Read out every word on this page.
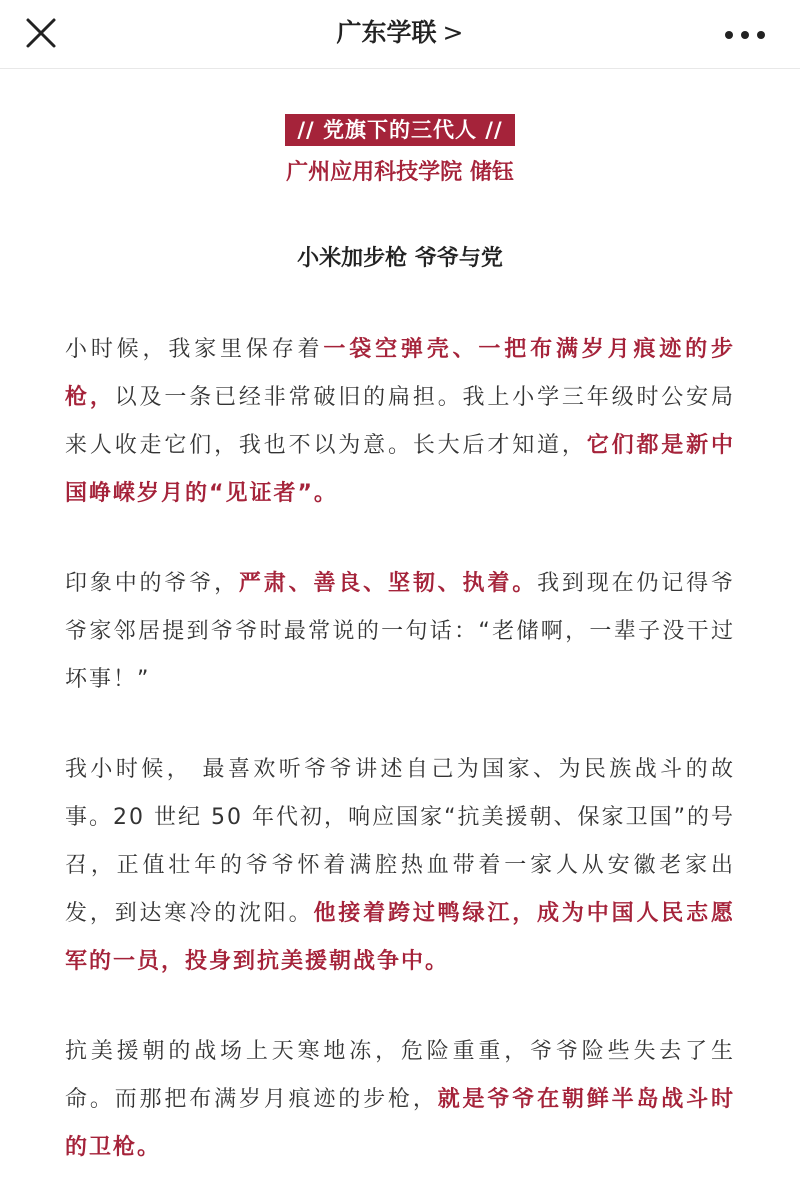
广东学联 >
// 党旗下的三代人 //
广州应用科技学院 储钰
小米加步枪 爷爷与党

小时候，我家里保存着一袋空弹壳、一把布满岁月痕迹的步枪，以及一条已经非常破旧的扁担。我上小学三年级时公安局来人收走它们，我也不以为意。长大后才知道，它们都是新中国峥嵘岁月的“见证者”。

印象中的爷爷，严肃、善良、坚韧、执着。我到现在仍记得爷爷家邻居提到爷爷时最常说的一句话：“老储啊，一辈子没干过坏事！”

我小时候， 最喜欢听爷爷讲述自己为国家、为民族战斗的故事。20 世纪 50 年代初，响应国家“抗美援朝、保家卫国”的号召，正值壮年的爷爷怀着满腔热血带着一家人从安徽老家出发，到达寒冷的沈阳。他接着跨过鸭绿江，成为中国人民志愿军的一员，投身到抗美援朝战争中。

抗美援朝的战场上天寒地冻，危险重重，爷爷险些失去了生命。而那把布满岁月痕迹的步枪，就是爷爷在朝鲜半岛战斗时的卫枪。
